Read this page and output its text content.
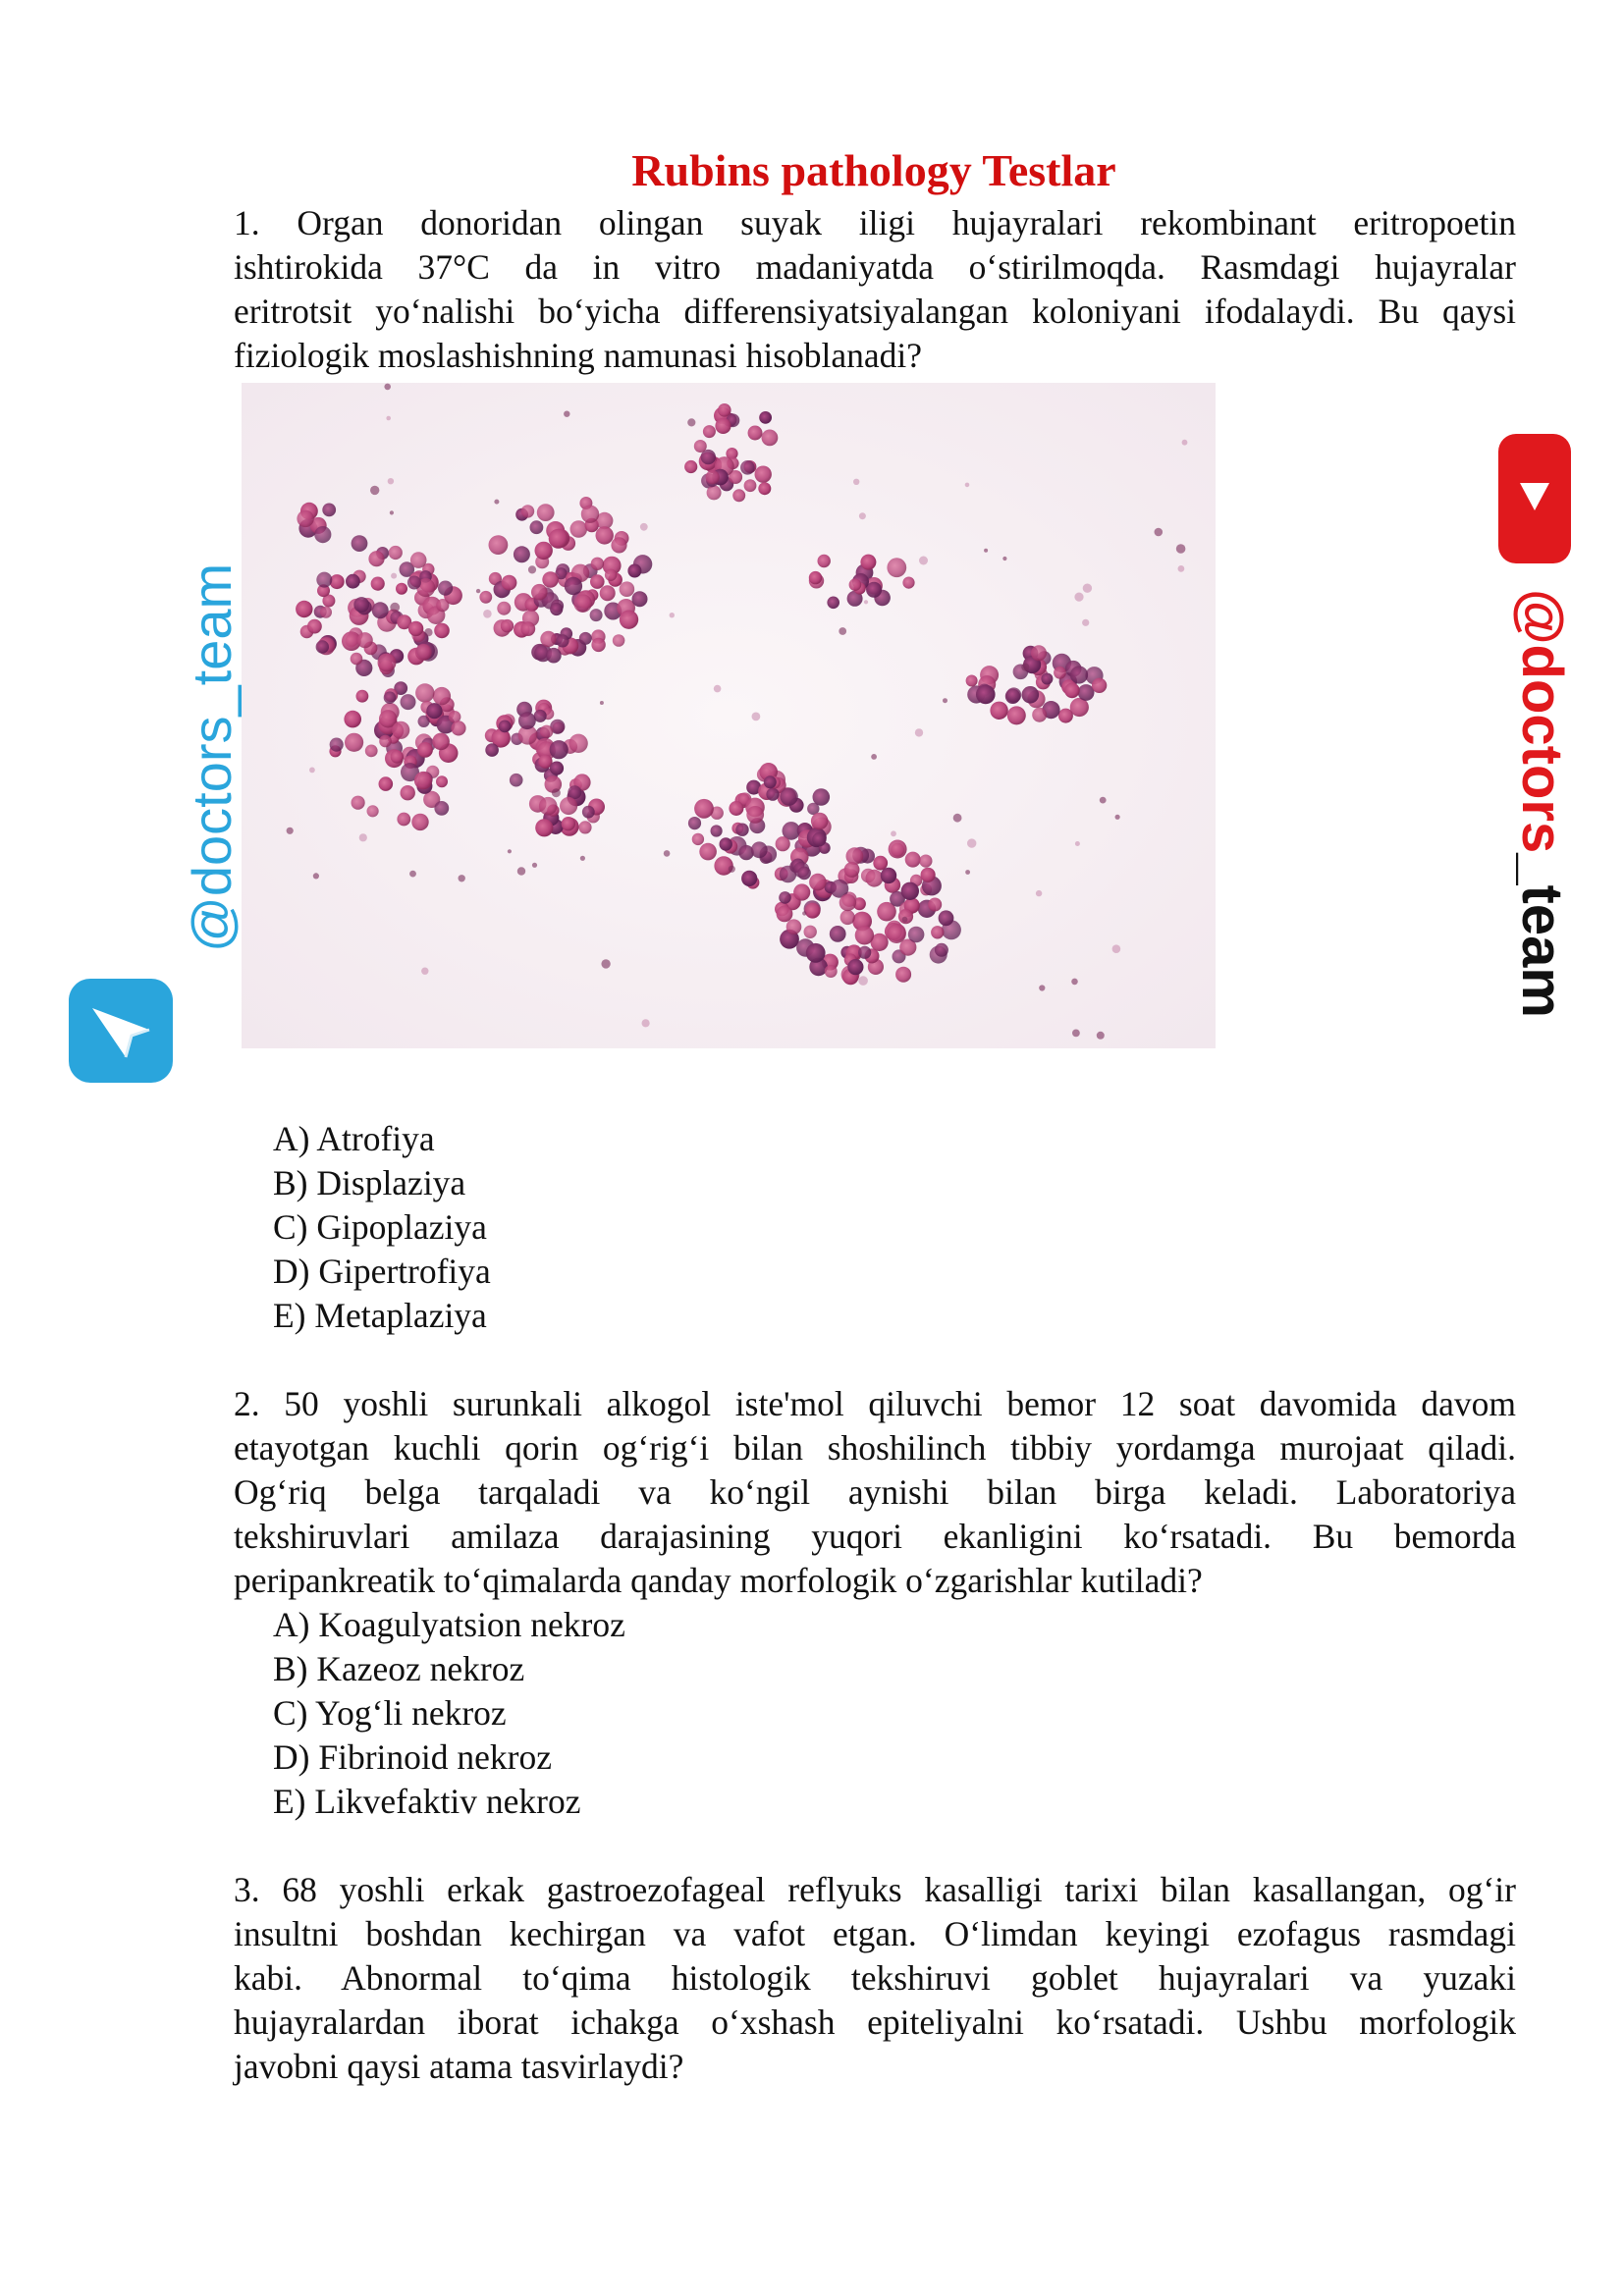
Rubins pathology Testlar
1. Organ donoridan olingan suyak iligi hujayralari rekombinant eritropoetin
ishtirokida 37°C da in vitro madaniyatda o‘stirilmoqda. Rasmdagi hujayralar
eritrotsit yo‘nalishi bo‘yicha differensiyatsiyalangan koloniyani ifodalaydi. Bu qaysi
fiziologik moslashishning namunasi hisoblanadi?
A) Atrofiya
B) Displaziya
C) Gipoplaziya
D) Gipertrofiya
E) Metaplaziya
2. 50 yoshli surunkali alkogol iste'mol qiluvchi bemor 12 soat davomida davom
etayotgan kuchli qorin og‘rig‘i bilan shoshilinch tibbiy yordamga murojaat qiladi.
Og‘riq belga tarqaladi va ko‘ngil aynishi bilan birga keladi. Laboratoriya
tekshiruvlari amilaza darajasining yuqori ekanligini ko‘rsatadi. Bu bemorda
peripankreatik to‘qimalarda qanday morfologik o‘zgarishlar kutiladi?
A) Koagulyatsion nekroz
B) Kazeoz nekroz
C) Yog‘li nekroz
D) Fibrinoid nekroz
E) Likvefaktiv nekroz
3. 68 yoshli erkak gastroezofageal reflyuks kasalligi tarixi bilan kasallangan, og‘ir
insultni boshdan kechirgan va vafot etgan. O‘limdan keyingi ezofagus rasmdagi
kabi. Abnormal to‘qima histologik tekshiruvi goblet hujayralari va yuzaki
hujayralardan iborat ichakga o‘xshash epiteliyalni ko‘rsatadi. Ushbu morfologik
javobni qaysi atama tasvirlaydi?
@doctors_team	@doctors_team
